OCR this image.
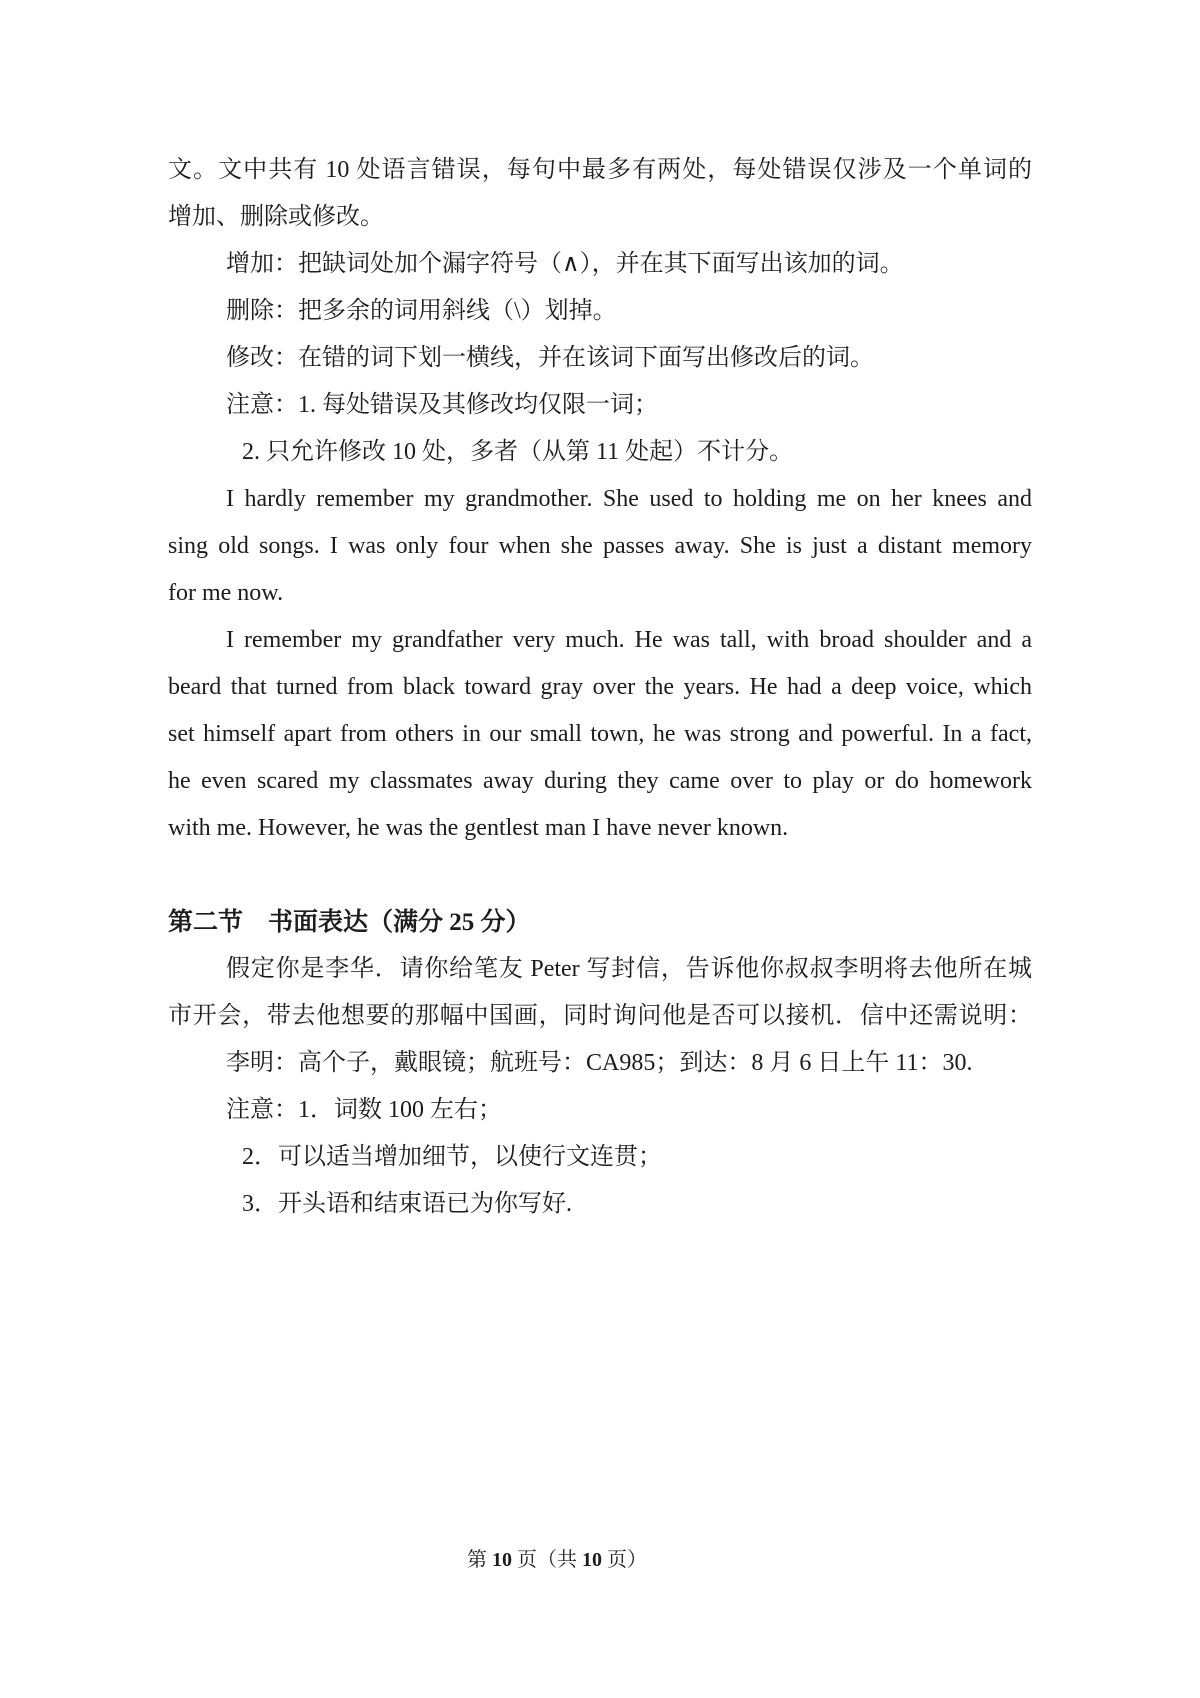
文。文中共有 10 处语言错误，每句中最多有两处，每处错误仅涉及一个单词的
增加、删除或修改。
增加：把缺词处加个漏字符号（∧），并在其下面写出该加的词。
删除：把多余的词用斜线（\）划掉。
修改：在错的词下划一横线，并在该词下面写出修改后的词。
注意：1. 每处错误及其修改均仅限一词；
2. 只允许修改 10 处，多者（从第 11 处起）不计分。
I hardly remember my grandmother. She used to holding me on her knees and
sing old songs. I was only four when she passes away. She is just a distant memory
for me now.
I remember my grandfather very much. He was tall, with broad shoulder and a
beard that turned from black toward gray over the years. He had a deep voice, which
set himself apart from others in our small town, he was strong and powerful. In a fact,
he even scared my classmates away during they came over to play or do homework
with me. However, he was the gentlest man I have never known.
第二节　书面表达（满分 25 分）
假定你是李华．请你给笔友 Peter 写封信，告诉他你叔叔李明将去他所在城
市开会，带去他想要的那幅中国画，同时询问他是否可以接机．信中还需说明：
李明：高个子，戴眼镜；航班号：CA985；到达：8 月 6 日上午 11：30.
注意：1．词数 100 左右；
2．可以适当增加细节，以使行文连贯；
3．开头语和结束语已为你写好.
第 10 页（共 10 页）
